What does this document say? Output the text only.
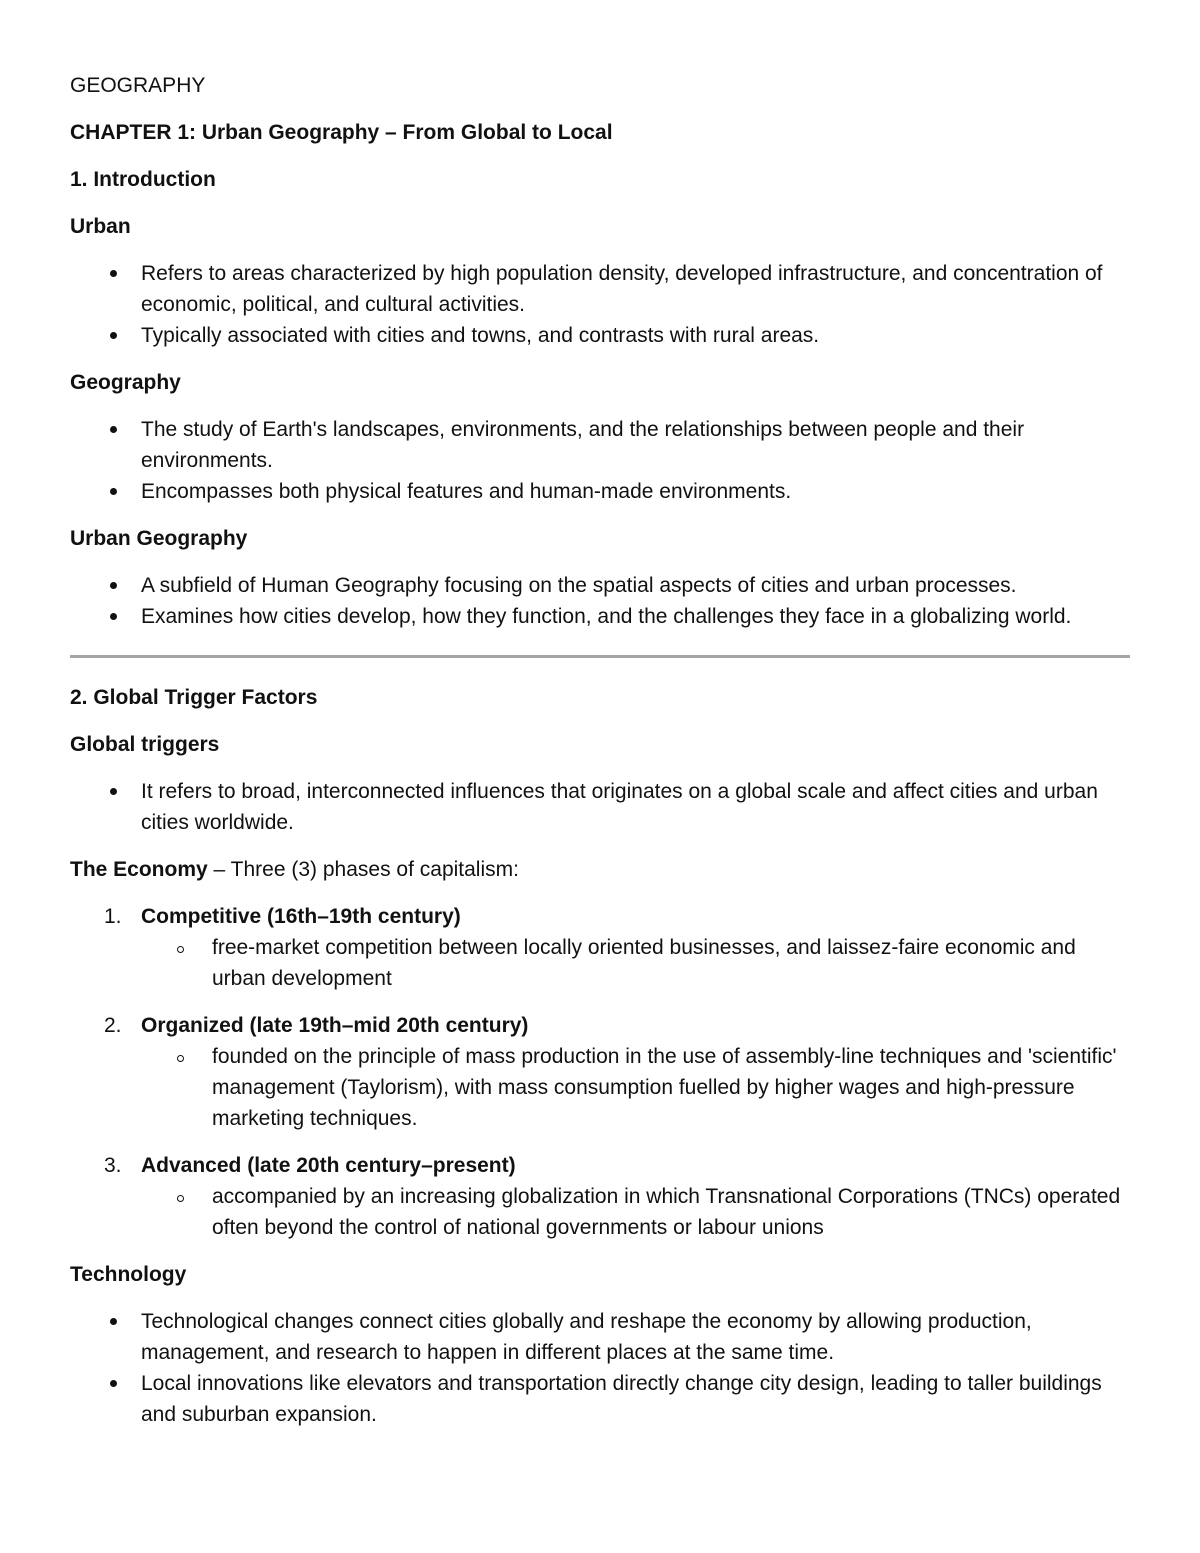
GEOGRAPHY

CHAPTER 1: Urban Geography – From Global to Local

1. Introduction

Urban

Refers to areas characterized by high population density, developed infrastructure, and concentration of economic, political, and cultural activities.
Typically associated with cities and towns, and contrasts with rural areas.

Geography

The study of Earth's landscapes, environments, and the relationships between people and their environments.
Encompasses both physical features and human-made environments.

Urban Geography

A subfield of Human Geography focusing on the spatial aspects of cities and urban processes.
Examines how cities develop, how they function, and the challenges they face in a globalizing world.

2. Global Trigger Factors

Global triggers

It refers to broad, interconnected influences that originates on a global scale and affect cities and urban cities worldwide.

The Economy – Three (3) phases of capitalism:

1. Competitive (16th–19th century)
free-market competition between locally oriented businesses, and laissez-faire economic and urban development
2. Organized (late 19th–mid 20th century)
founded on the principle of mass production in the use of assembly-line techniques and 'scientific' management (Taylorism), with mass consumption fuelled by higher wages and high-pressure marketing techniques.
3. Advanced (late 20th century–present)
accompanied by an increasing globalization in which Transnational Corporations (TNCs) operated often beyond the control of national governments or labour unions

Technology

Technological changes connect cities globally and reshape the economy by allowing production, management, and research to happen in different places at the same time.
Local innovations like elevators and transportation directly change city design, leading to taller buildings and suburban expansion.
